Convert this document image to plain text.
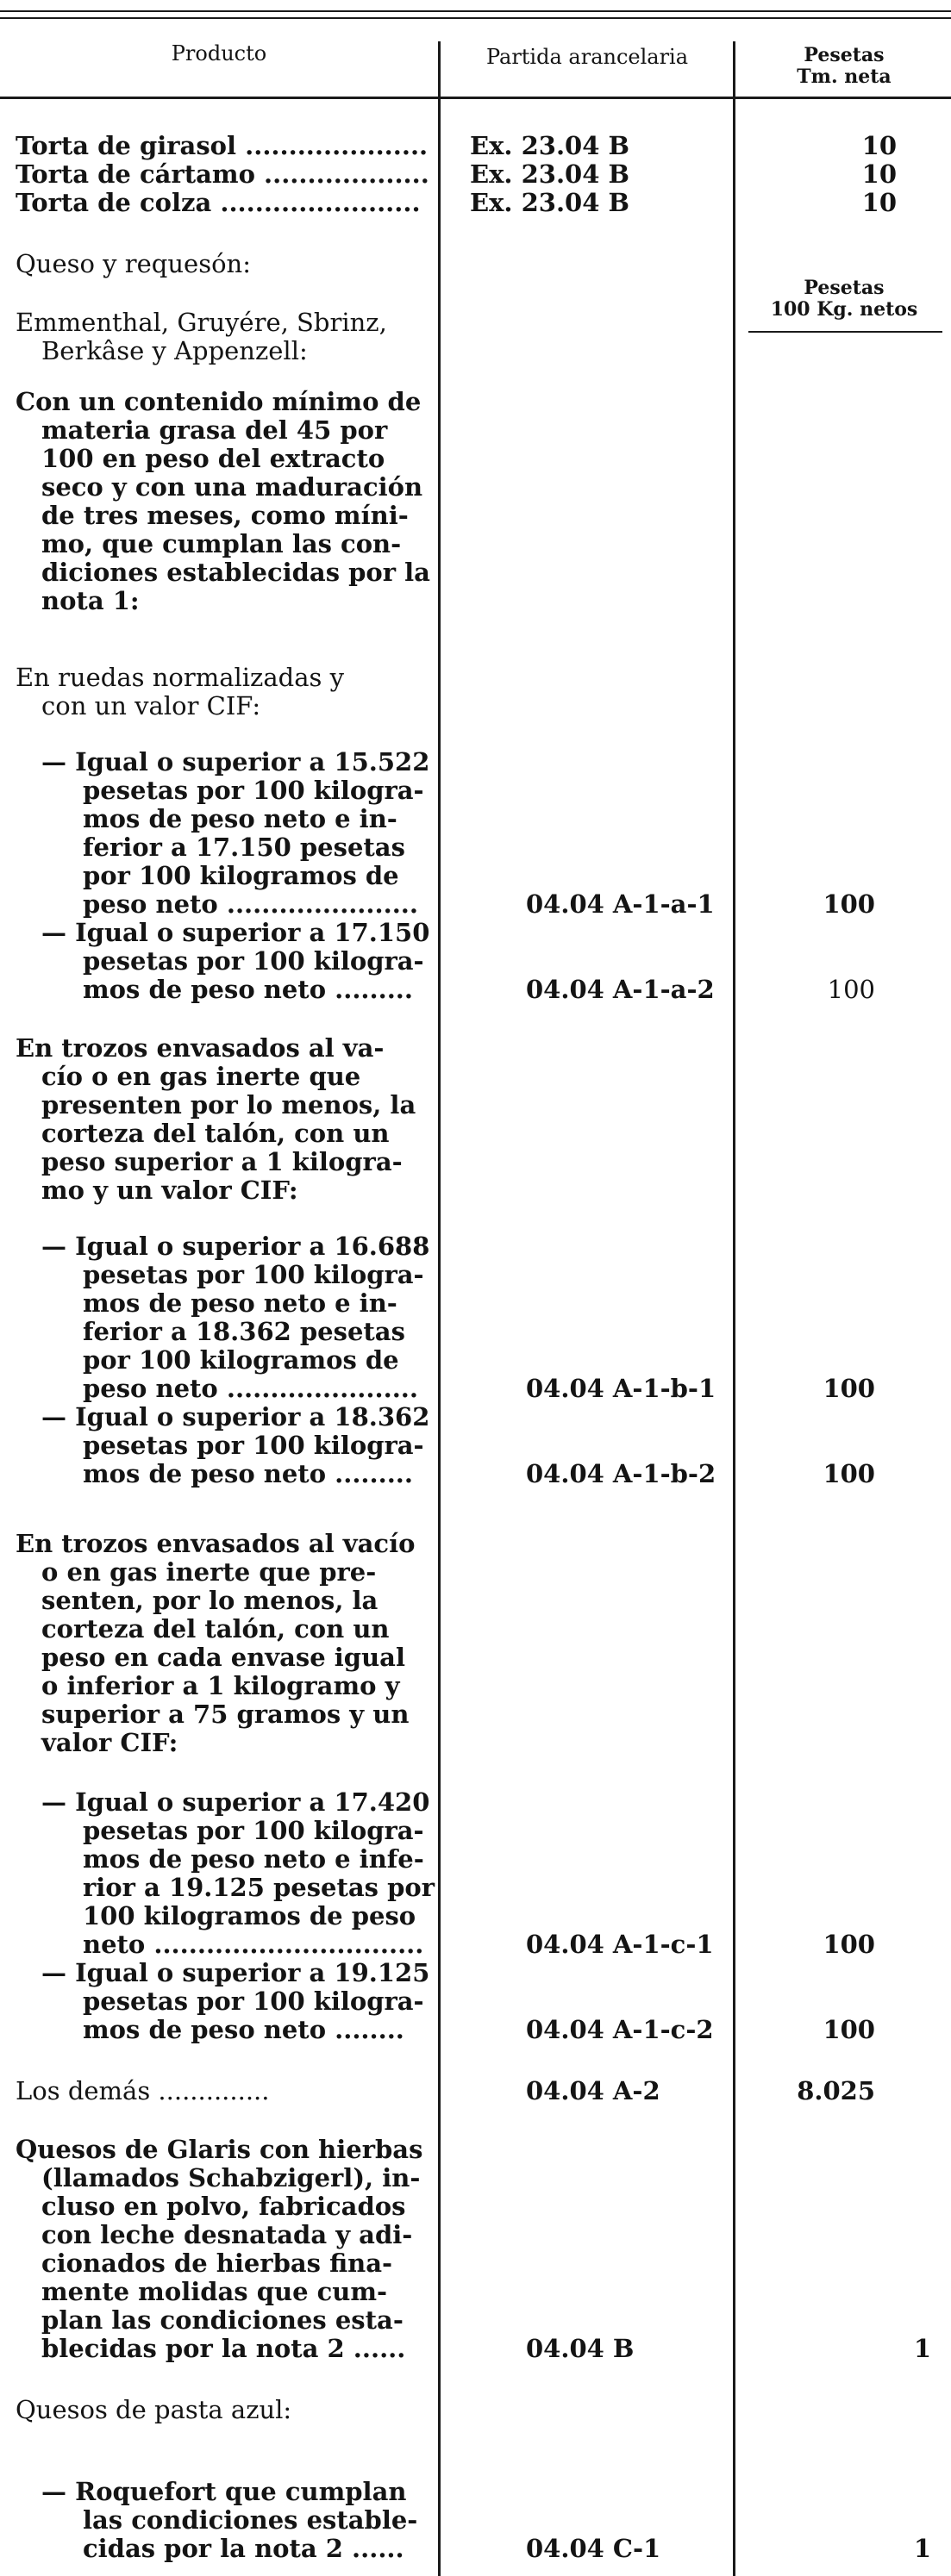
Producto	Partida arancelaria	Pesetas
Tm. neta
Pesetas
100 Kg. netos
Torta de girasol ..................... Ex. 23.04 B	10
Torta de cártamo ................... Ex. 23.04 B	10
Torta de colza .......................	Ex. 23.04 B	10
Queso y requesón:
Emmenthal, Gruyére, Sbrinz,
Berkâse y Appenzell:
Con un contenido mínimo de
materia grasa del 45 por
100 en peso del extracto
seco y con una maduración
de tres meses, como míni-
mo, que cumplan las con-
diciones establecidas por la
nota 1:
En ruedas normalizadas y
con un valor CIF:
— Igual o superior a 15.522
pesetas por 100 kilogra-
mos de peso neto e in-
ferior a 17.150 pesetas
por 100 kilogramos de
peso neto ......................	04.04 A-1-a-1	100
— Igual o superior a 17.150
pesetas por 100 kilogra-
mos de peso neto .........	04.04 A-1-a-2	100
En trozos envasados al va-
cío o en gas inerte que
presenten por lo menos, la
corteza del talón, con un
peso superior a 1 kilogra-
mo y un valor CIF:
— Igual o superior a 16.688
pesetas por 100 kilogra-
mos de peso neto e in-
ferior a 18.362 pesetas
por 100 kilogramos de
peso neto ......................	04.04 A-1-b-1	100
— Igual o superior a 18.362
pesetas por 100 kilogra-
mos de peso neto .........	04.04 A-1-b-2	100
En trozos envasados al vacío
o en gas inerte que pre-
senten, por lo menos, la
corteza del talón, con un
peso en cada envase igual
o inferior a 1 kilogramo y
superior a 75 gramos y un
valor CIF:
— Igual o superior a 17.420
pesetas por 100 kilogra-
mos de peso neto e infe-
rior a 19.125 pesetas por
100 kilogramos de peso
neto ...............................	04.04 A-1-c-1	100
— Igual o superior a 19.125
pesetas por 100 kilogra-
mos de peso neto ........	04.04 A-1-c-2	100
Los demás ..............	04.04 A-2	8.025
Quesos de Glaris con hierbas
(llamados Schabzigerl), in-
cluso en polvo, fabricados
con leche desnatada y adi-
cionados de hierbas fina-
mente molidas que cum-
plan las condiciones esta-
blecidas por la nota 2 ......	04.04 B	1
Quesos de pasta azul:
— Roquefort que cumplan
las condiciones estable-
cidas por la nota 2 ......	04.04 C-1	1
